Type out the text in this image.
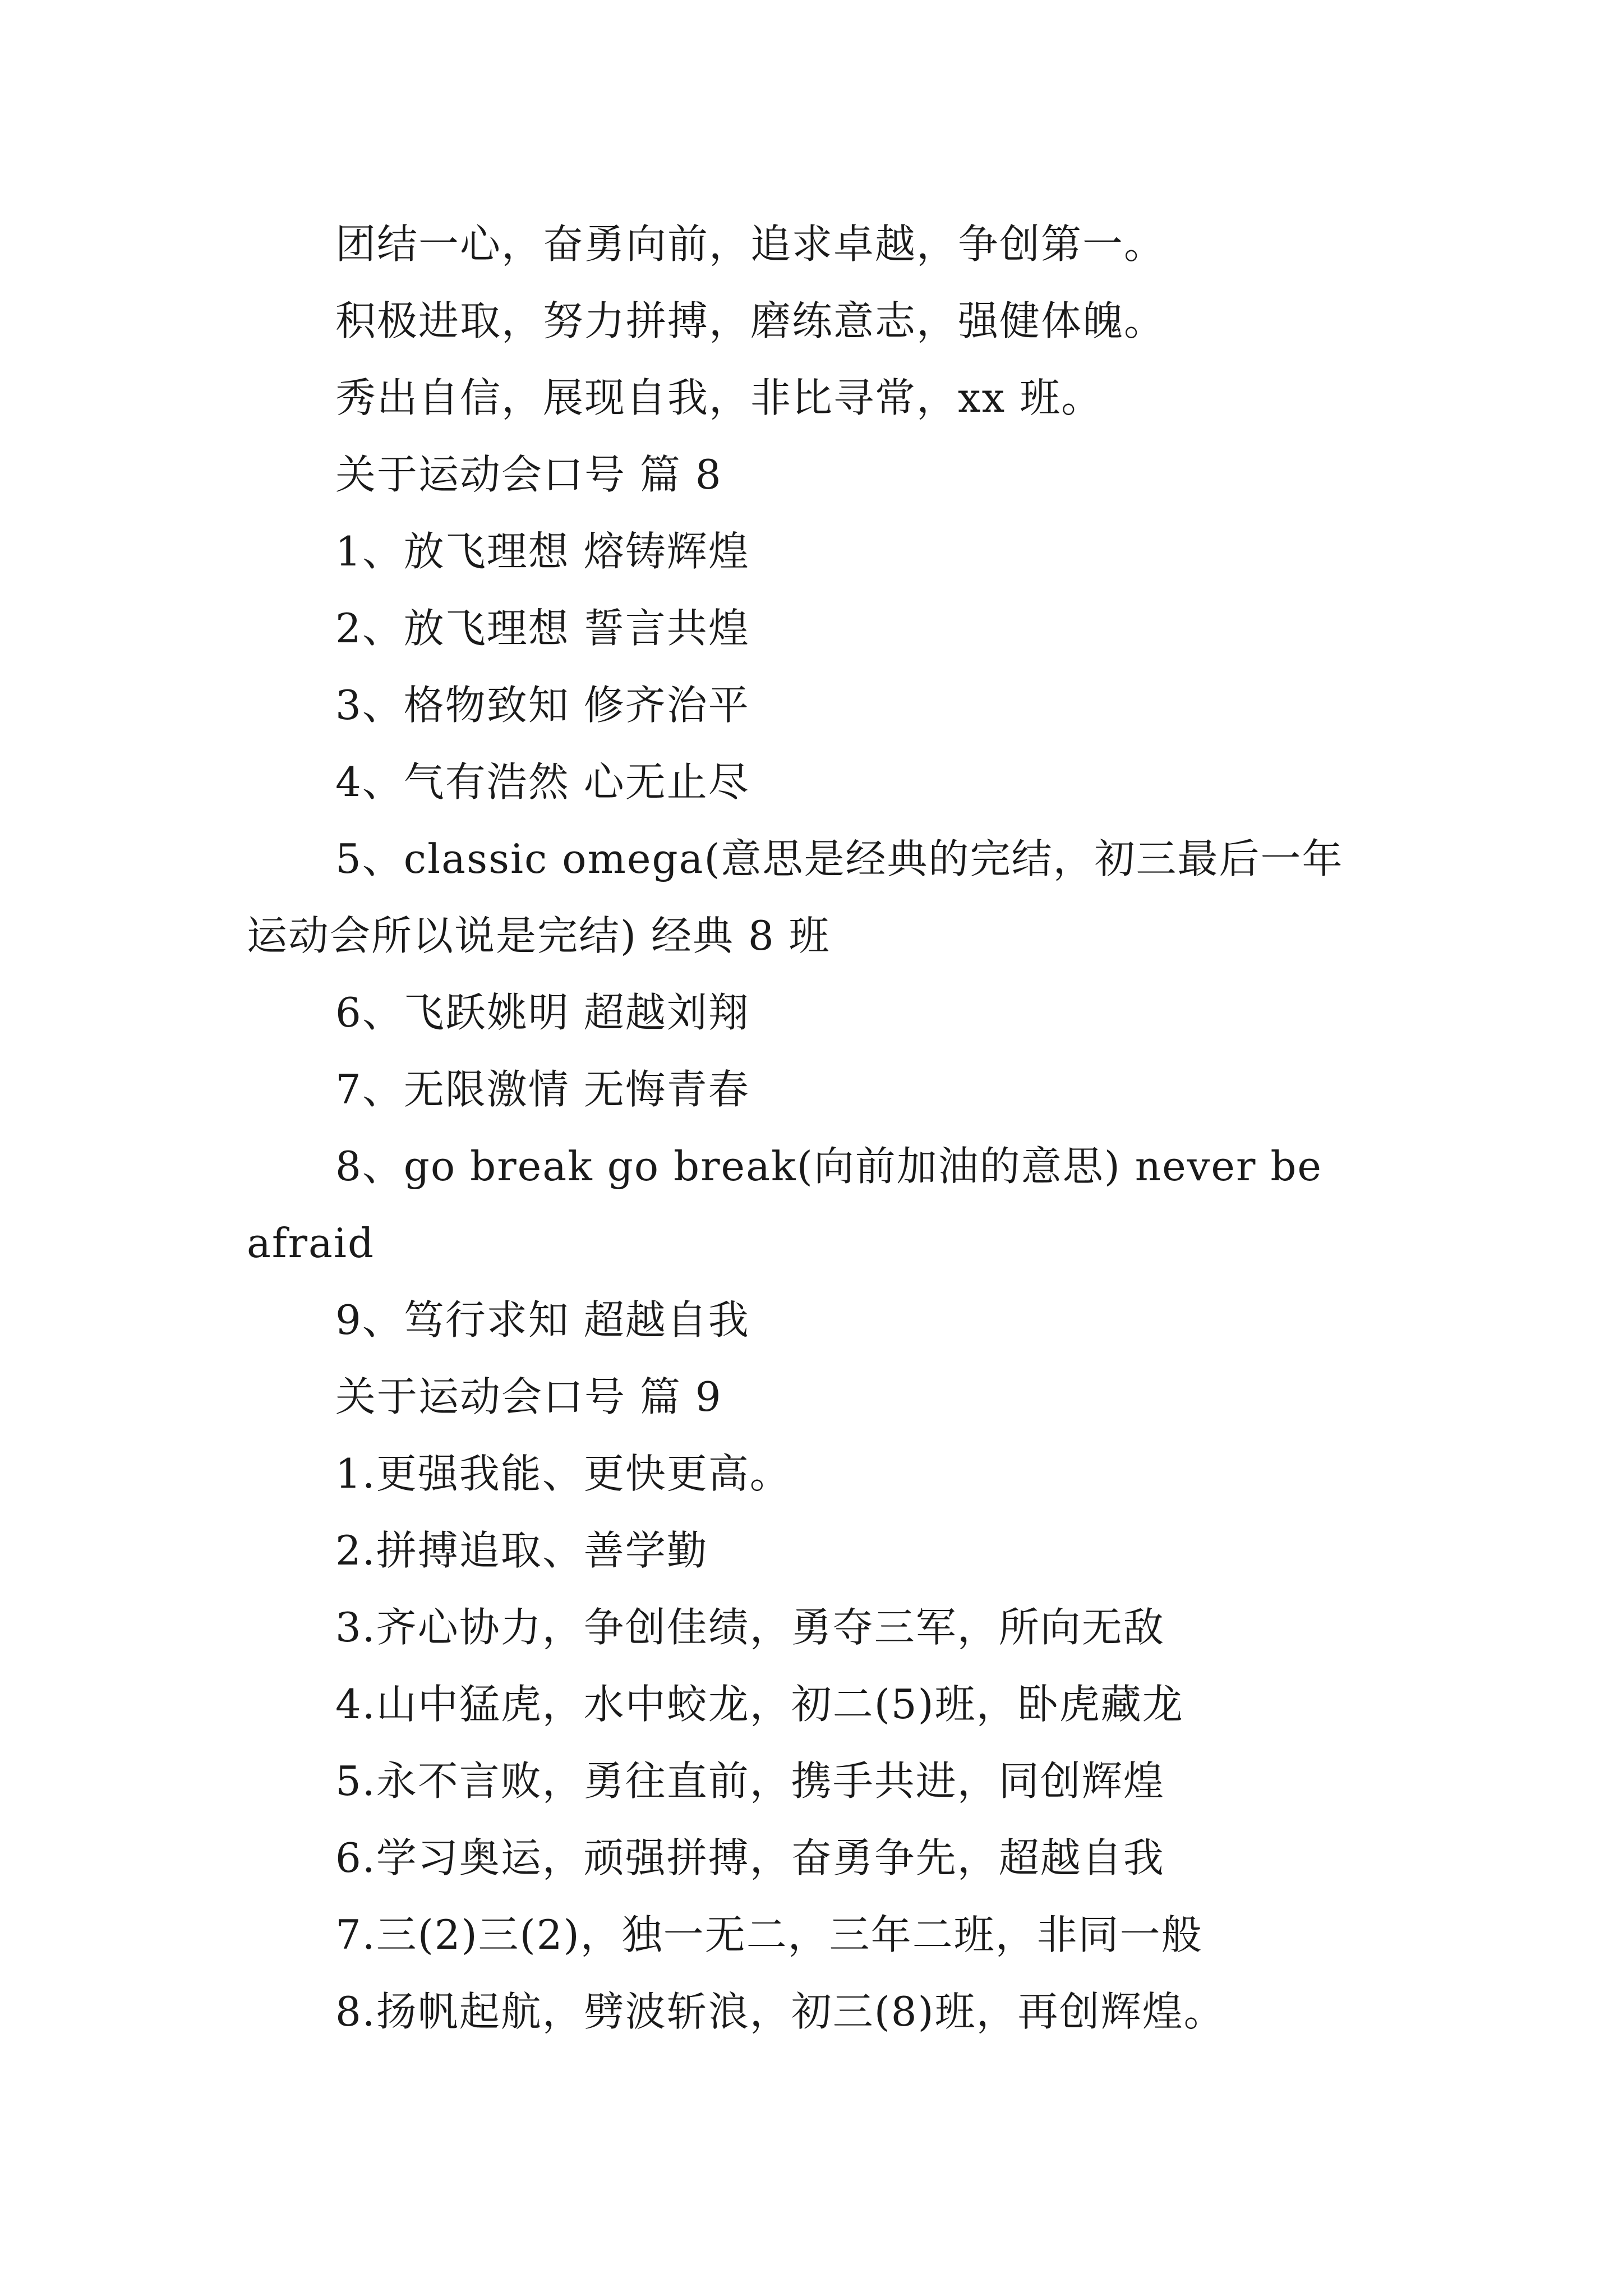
团结一心，奋勇向前，追求卓越，争创第一。
积极进取，努力拼搏，磨练意志，强健体魄。
秀出自信，展现自我，非比寻常，xx 班。
关于运动会口号 篇 8
1、放飞理想 熔铸辉煌
2、放飞理想 誓言共煌
3、格物致知 修齐治平
4、气有浩然 心无止尽
5、classic omega(意思是经典的完结，初三最后一年
运动会所以说是完结) 经典 8 班
6、飞跃姚明 超越刘翔
7、无限激情 无悔青春
8、go break go break(向前加油的意思) never be
afraid
9、笃行求知 超越自我
关于运动会口号 篇 9
1.更强我能、更快更高。
2.拼搏追取、善学勤
3.齐心协力，争创佳绩，勇夺三军，所向无敌
4.山中猛虎，水中蛟龙，初二(5)班，卧虎藏龙
5.永不言败，勇往直前，携手共进，同创辉煌
6.学习奥运，顽强拼搏，奋勇争先，超越自我
7.三(2)三(2)，独一无二，三年二班，非同一般
8.扬帆起航，劈波斩浪，初三(8)班，再创辉煌。
